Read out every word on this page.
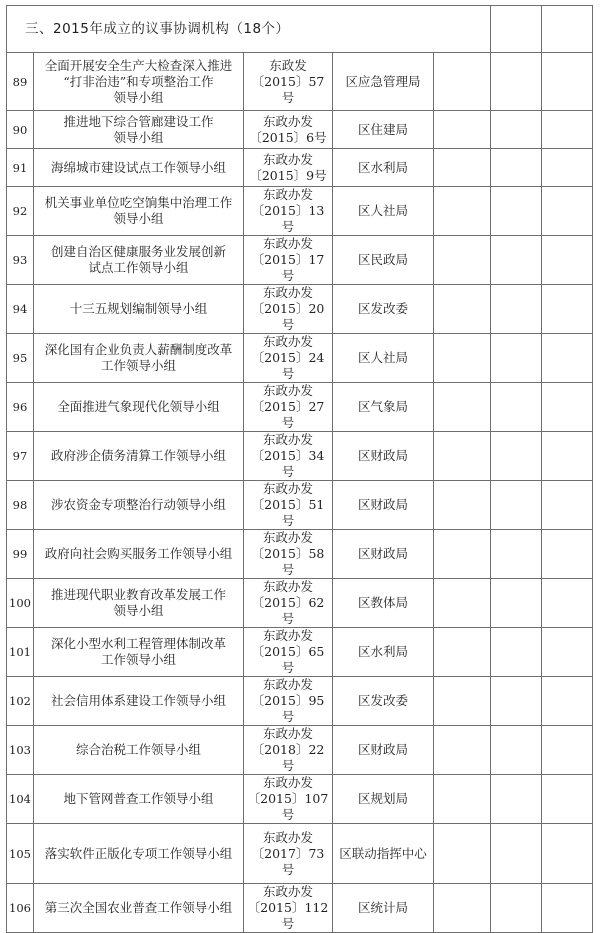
三、2015年成立的议事协调机构（18个）						

89	全面开展安全生产大检查深入推进
“打非治违”和专项整治工作
领导小组	东政发
〔2015〕57号	区应急管理局			

90	推进地下综合管廊建设工作
领导小组	东政办发
〔2015〕6号	区住建局			

91	海绵城市建设试点工作领导小组	东政办发
〔2015〕9号	区水利局			

92	机关事业单位吃空饷集中治理工作
领导小组	东政办发
〔2015〕13号	区人社局			

93	创建自治区健康服务业发展创新
试点工作领导小组	东政办发
〔2015〕17号	区民政局			

94	十三五规划编制领导小组	东政办发
〔2015〕20号	区发改委			

95	深化国有企业负责人薪酬制度改革
工作领导小组	东政办发
〔2015〕24号	区人社局			

96	全面推进气象现代化领导小组	东政办发
〔2015〕27号	区气象局			

97	政府涉企债务清算工作领导小组	东政办发
〔2015〕34号	区财政局			

98	涉农资金专项整治行动领导小组	东政办发
〔2015〕51号	区财政局			

99	政府向社会购买服务工作领导小组	东政办发
〔2015〕58号	区财政局			

100	推进现代职业教育改革发展工作
领导小组	东政办发
〔2015〕62号	区教体局			

101	深化小型水利工程管理体制改革
工作领导小组	东政办发
〔2015〕65号	区水利局			

102	社会信用体系建设工作领导小组	东政办发
〔2015〕95号	区发改委			

103	综合治税工作领导小组	东政办发
〔2018〕22号	区财政局			

104	地下管网普查工作领导小组	东政办发
〔2015〕107号	区规划局			

105	落实软件正版化专项工作领导小组	东政办发
〔2017〕73号	区联动指挥中心			

106	第三次全国农业普查工作领导小组	东政办发
〔2015〕112号	区统计局			
